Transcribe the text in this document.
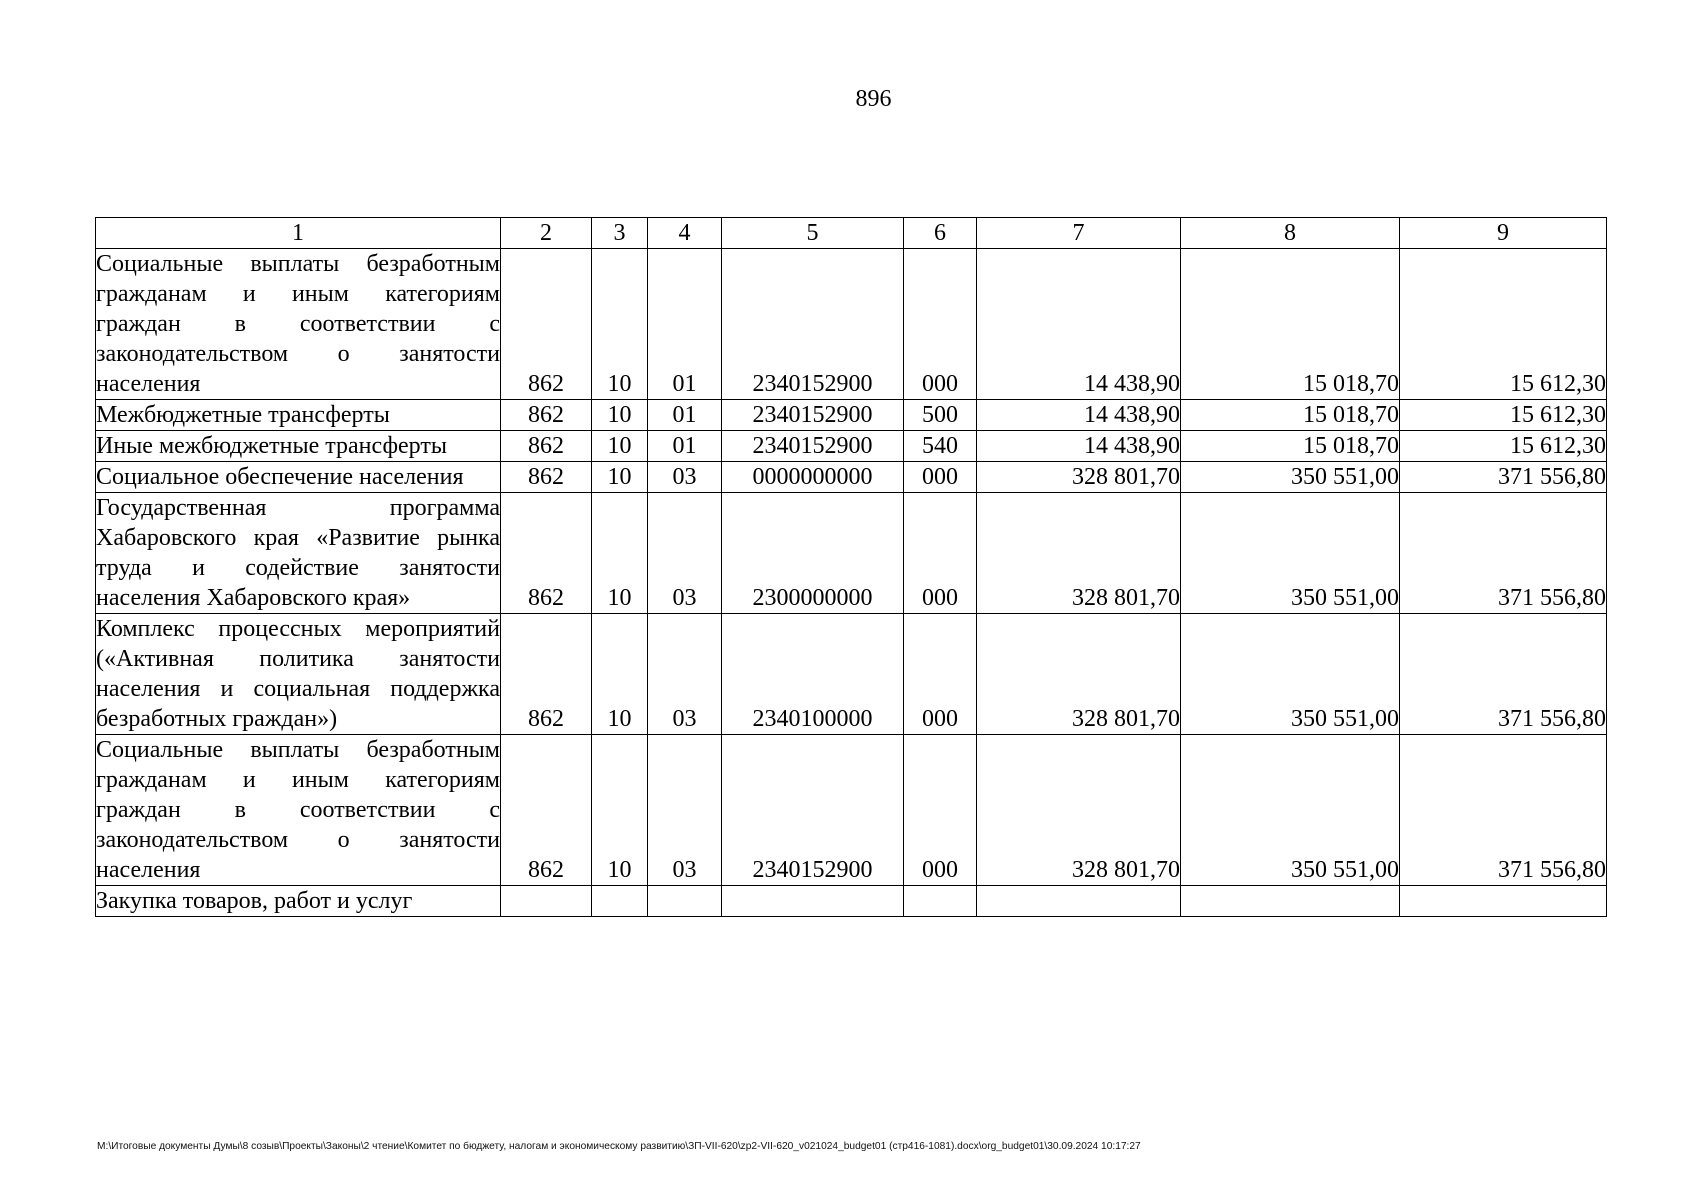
896
1	2	3	4	5	6	7	8	9
Социальные выплаты безработным гражданам и иным категориям граждан в соответствии с законодательством о занятости населения	862	10	01	2340152900	000	14 438,90	15 018,70	15 612,30
Межбюджетные трансферты	862	10	01	2340152900	500	14 438,90	15 018,70	15 612,30
Иные межбюджетные трансферты	862	10	01	2340152900	540	14 438,90	15 018,70	15 612,30
Социальное обеспечение населения	862	10	03	0000000000	000	328 801,70	350 551,00	371 556,80
Государственная программа Хабаровского края «Развитие рынка труда и содействие занятости населения Хабаровского края»	862	10	03	2300000000	000	328 801,70	350 551,00	371 556,80
Комплекс процессных мероприятий («Активная политика занятости населения и социальная поддержка безработных граждан»)	862	10	03	2340100000	000	328 801,70	350 551,00	371 556,80
Социальные выплаты безработным гражданам и иным категориям граждан в соответствии с законодательством о занятости населения	862	10	03	2340152900	000	328 801,70	350 551,00	371 556,80
Закупка товаров, работ и услуг								
M:\Итоговые документы Думы\8 созыв\Проекты\Законы\2 чтение\Комитет по бюджету, налогам и экономическому развитию\ЗП-VII-620\zp2-VII-620_v021024_budget01 (стр416-1081).docx\org_budget01\30.09.2024 10:17:27
